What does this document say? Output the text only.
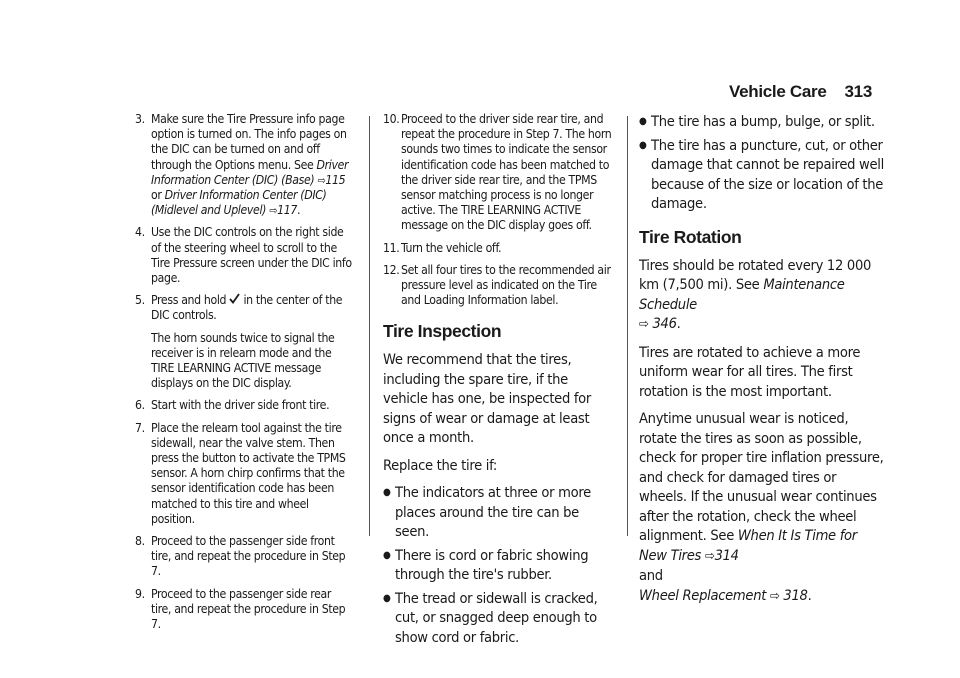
Vehicle Care 313
3. Make sure the Tire Pressure info page option is turned on. The info pages on the DIC can be turned on and off through the Options menu. See Driver Information Center (DIC) (Base) ⇨115 or Driver Information Center (DIC) (Midlevel and Uplevel) ⇨117.
4. Use the DIC controls on the right side of the steering wheel to scroll to the Tire Pressure screen under the DIC info page.
5. Press and hold  in the center of the DIC controls.
The horn sounds twice to signal the receiver is in relearn mode and the TIRE LEARNING ACTIVE message displays on the DIC display.
6. Start with the driver side front tire.
7. Place the relearn tool against the tire sidewall, near the valve stem. Then press the button to activate the TPMS sensor. A horn chirp confirms that the sensor identification code has been matched to this tire and wheel position.
8. Proceed to the passenger side front tire, and repeat the procedure in Step 7.
9. Proceed to the passenger side rear tire, and repeat the procedure in Step 7.
10. Proceed to the driver side rear tire, and repeat the procedure in Step 7. The horn sounds two times to indicate the sensor identification code has been matched to the driver side rear tire, and the TPMS sensor matching process is no longer active. The TIRE LEARNING ACTIVE message on the DIC display goes off.
11. Turn the vehicle off.
12. Set all four tires to the recommended air pressure level as indicated on the Tire and Loading Information label.
Tire Inspection
We recommend that the tires, including the spare tire, if the vehicle has one, be inspected for signs of wear or damage at least once a month.
Replace the tire if:
● The indicators at three or more places around the tire can be seen.
● There is cord or fabric showing through the tire's rubber.
● The tread or sidewall is cracked, cut, or snagged deep enough to show cord or fabric.
● The tire has a bump, bulge, or split.
● The tire has a puncture, cut, or other damage that cannot be repaired well because of the size or location of the damage.
Tire Rotation
Tires should be rotated every 12 000 km (7,500 mi). See Maintenance Schedule
⇨ 346.
Tires are rotated to achieve a more uniform wear for all tires. The first rotation is the most important.
Anytime unusual wear is noticed, rotate the tires as soon as possible, check for proper tire inflation pressure, and check for damaged tires or wheels. If the unusual wear continues after the rotation, check the wheel alignment. See When It Is Time for New Tires ⇨314
and
Wheel Replacement ⇨ 318.
